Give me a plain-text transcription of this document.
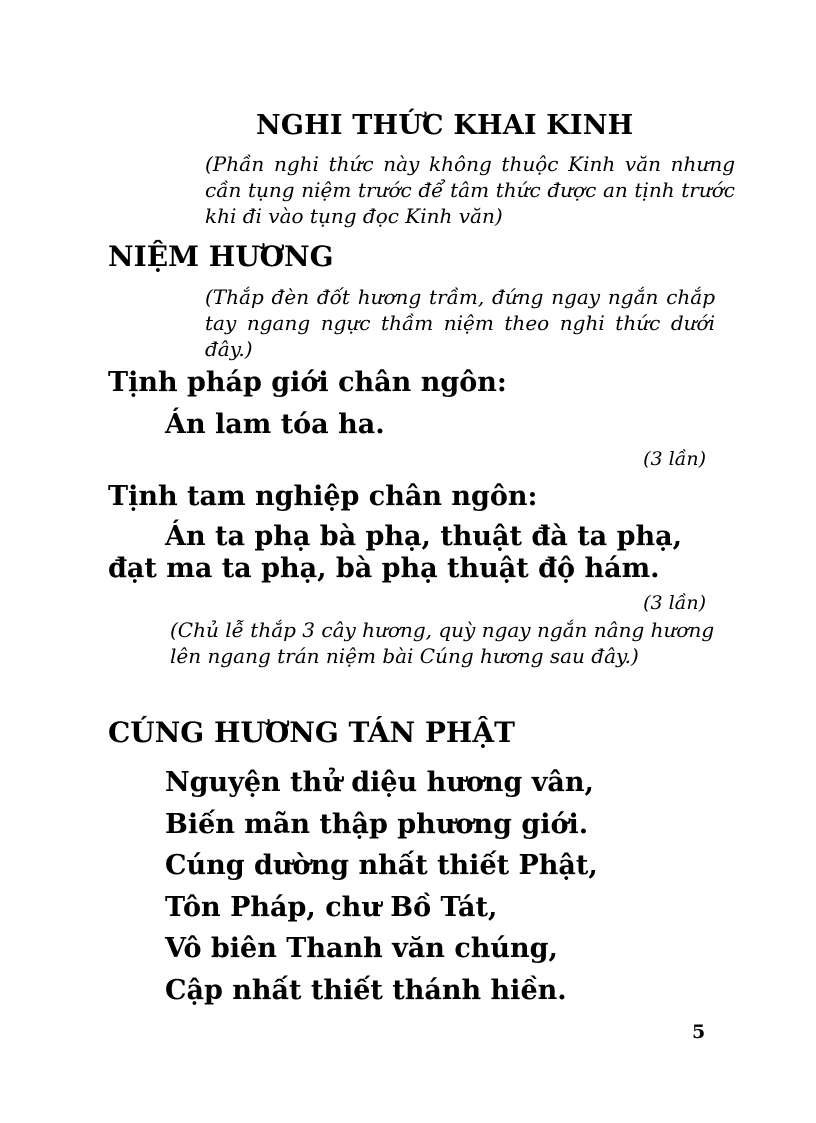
NGHI THỨC KHAI KINH
(Phần nghi thức này không thuộc Kinh văn nhưng cần tụng niệm trước để tâm thức được an tịnh trước khi đi vào tụng đọc Kinh văn)
NIỆM HƯƠNG
(Thắp đèn đốt hương trầm, đứng ngay ngắn chắp tay ngang ngực thầm niệm theo nghi thức dưới đây.)
Tịnh pháp giới chân ngôn:
Án lam tóa ha.
(3 lần)
Tịnh tam nghiệp chân ngôn:
Án ta phạ bà phạ, thuật đà ta phạ,
đạt ma ta phạ, bà phạ thuật độ hám.
(3 lần)
(Chủ lễ thắp 3 cây hương, quỳ ngay ngắn nâng hương lên ngang trán niệm bài Cúng hương sau đây.)
CÚNG HƯƠNG TÁN PHẬT
Nguyện thử diệu hương vân,
Biến mãn thập phương giới.
Cúng dường nhất thiết Phật,
Tôn Pháp, chư Bồ Tát,
Vô biên Thanh văn chúng,
Cập nhất thiết thánh hiền.
5
